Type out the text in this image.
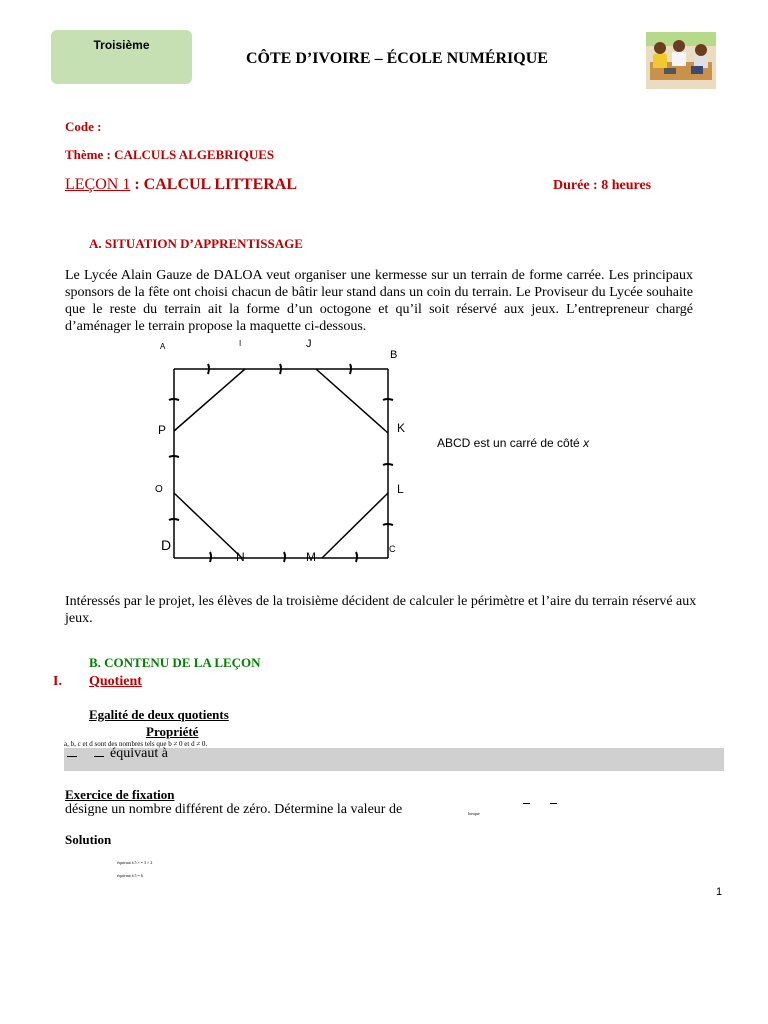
Troisième
CÔTE D’IVOIRE – ÉCOLE NUMÉRIQUE
Code :
Thème : CALCULS ALGEBRIQUES
LEÇON 1 : CALCUL LITTERAL	Durée : 8 heures
A. SITUATION D’APPRENTISSAGE
Le Lycée Alain Gauze de DALOA veut organiser une kermesse sur un terrain de forme carrée. Les principaux sponsors de la fête ont choisi chacun de bâtir leur stand dans un coin du terrain. Le Proviseur du Lycée souhaite que le reste du terrain ait la forme d’un octogone et qu’il soit réservé aux jeux. L’entrepreneur chargé d’aménager le terrain propose la maquette ci-dessous.
A	I	J
B
P	K
O	L
D
N	M
C
ABCD est un carré de côté x
Intéressés par le projet, les élèves de la troisième décident de calculer le périmètre et l’aire du terrain réservé aux jeux.
B. CONTENU DE LA LEÇON
I. Quotient
Egalité de deux quotients
Propriété
a, b, c et d sont des nombres tels que b ≠ 0 et d ≠ 0.
équivaut à
Exercice de fixation
désigne un nombre différent de zéro. Détermine la valeur de	lorsque
Solution
équivaut à 5 × = 3 × 2
équivaut à 5 = 6.
1
